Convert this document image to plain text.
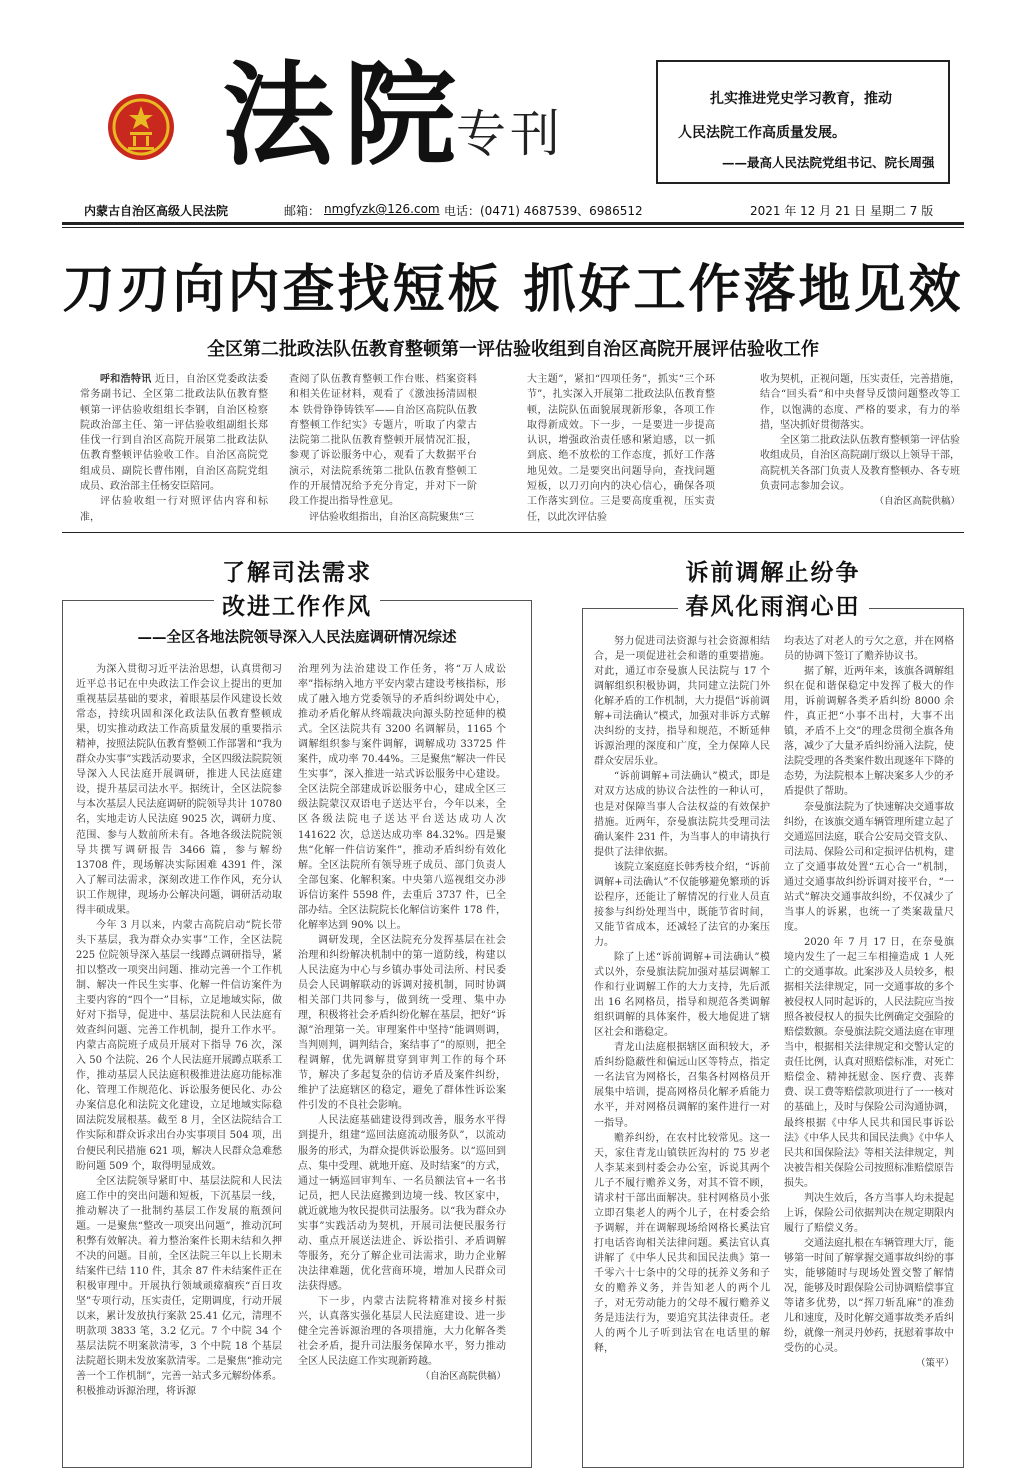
法院
专刊
扎实推进党史学习教育，推动
人民法院工作高质量发展。
——最高人民法院党组书记、院长周强
内蒙古自治区高级人民法院	邮箱： nmgfyzk@126.com 电话：(0471) 4687539、6986512	2021 年 12 月 21 日 星期二 7 版
刀刃向内查找短板 抓好工作落地见效
全区第二批政法队伍教育整顿第一评估验收组到自治区高院开展评估验收工作

呼和浩特讯 近日，自治区党委政法委常务副书记、全区第二批政法队伍教育整顿第一评估验收组组长李钢，自治区检察院政治部主任、第一评估验收组副组长郑佳伐一行到自治区高院开展第二批政法队伍教育整顿评估验收工作。自治区高院党组成员、副院长曹伟刚，自治区高院党组成员、政治部主任杨安臣陪同。

评估验收组一行对照评估内容和标准，

查阅了队伍教育整顿工作台账、档案资料和相关佐证材料，观看了《激浊扬清固根本 铁骨铮铮铸铁军——自治区高院队伍教育整顿工作纪实》专题片，听取了内蒙古法院第二批队伍教育整顿开展情况汇报，参观了诉讼服务中心，观看了大数据平台演示，对法院系统第二批队伍教育整顿工作的开展情况给予充分肯定，并对下一阶段工作提出指导性意见。

评估验收组指出，自治区高院聚焦“三

大主题”，紧扣“四项任务”，抓实“三个环节”，扎实深入开展第二批政法队伍教育整顿，法院队伍面貌展现新形象，各项工作取得新成效。下一步，一是要进一步提高认识，增强政治责任感和紧迫感，以一抓到底、绝不放松的工作态度，抓好工作落地见效。二是要突出问题导向，查找问题短板，以刀刃向内的决心信心，确保各项工作落实到位。三是要高度重视，压实责任，以此次评估验

收为契机，正视问题，压实责任，完善措施，结合“回头看”和中央督导反馈问题整改等工作，以饱满的态度、严格的要求，有力的举措，坚决抓好贯彻落实。

全区第二批政法队伍教育整顿第一评估验收组成员，自治区高院副厅级以上领导干部，高院机关各部门负责人及教育整顿办、各专班负责同志参加会议。

（自治区高院供稿）
了解司法需求
改进工作作风
——全区各地法院领导深入人民法庭调研情况综述

为深入贯彻习近平法治思想，认真贯彻习近平总书记在中央政法工作会议上提出的更加重视基层基础的要求，着眼基层作风建设长效常态，持续巩固和深化政法队伍教育整顿成果，切实推动政法工作高质量发展的重要指示精神，按照法院队伍教育整顿工作部署和“我为群众办实事”实践活动要求，全区四级法院院领导深入人民法庭开展调研，推进人民法庭建设，提升基层司法水平。据统计，全区法院参与本次基层人民法庭调研的院领导共计 10780 名，实地走访人民法庭 9025 次，调研力度、范围、参与人数前所未有。各地各级法院院领导共撰写调研报告 3466 篇，参与解纷 13708 件，现场解决实际困难 4391 件，深入了解司法需求，深刻改进工作作风，充分认识工作规律，现场办公解决问题，调研活动取得丰硕成果。

今年 3 月以来，内蒙古高院启动“院长带头下基层，我为群众办实事”工作，全区法院 225 位院领导深入基层一线蹲点调研指导，紧扣以整改一项突出问题、推动完善一个工作机制、解决一件民生实事、化解一件信访案件为主要内容的“四个一”目标，立足地域实际，做好对下指导，促进中、基层法院和人民法庭有效查纠问题、完善工作机制，提升工作水平。内蒙古高院班子成员开展对下指导 76 次，深入 50 个法院、26 个人民法庭开展蹲点联系工作，推动基层人民法庭积极推进法庭功能标准化、管理工作规范化、诉讼服务便民化、办公办案信息化和法院文化建设，立足地域实际稳固法院发展根基。截至 8 月，全区法院结合工作实际和群众诉求出台办实事项目 504 项，出台便民利民措施 621 项，解决人民群众急难愁盼问题 509 个，取得明显成效。

全区法院领导紧盯中、基层法院和人民法庭工作中的突出问题和短板，下沉基层一线，推动解决了一批制约基层工作发展的瓶颈问题。一是聚焦“整改一项突出问题”，推动沉珂积弊有效解决。着力整治案件长期未结和久押不决的问题。目前，全区法院三年以上长期未结案件已结 110 件，其余 87 件未结案件正在积极审理中。开展执行领域顽瘴痼疾“百日攻坚”专项行动，压实责任，定期调度，行动开展以来，累计发放执行案款 25.41 亿元，清理不明款项 3833 笔，3.2 亿元。7 个中院 34 个基层法院不明案款清零，3 个中院 18 个基层法院超长期未发放案款清零。二是聚焦“推动完善一个工作机制”，完善一站式多元解纷体系。积极推动诉源治理，将诉源

治理列为法治建设工作任务，将“万人成讼率”指标纳入地方平安内蒙古建设考核指标，形成了融入地方党委领导的矛盾纠纷调处中心，推动矛盾化解从终端裁决向源头防控延伸的模式。全区法院共有 3200 名调解员，1165 个调解组织参与案件调解，调解成功 33725 件案件，成功率 70.44%。三是聚焦“解决一件民生实事”，深入推进一站式诉讼服务中心建设。全区法院全部建成诉讼服务中心，建成全区三级法院蒙汉双语电子送达平台，今年以来，全区各级法院电子送达平台送达成功人次 141622 次，总送达成功率 84.32%。四是聚焦“化解一件信访案件”，推动矛盾纠纷有效化解。全区法院所有领导班子成员、部门负责人全部包案、化解积案。中央第八巡视组交办涉诉信访案件 5598 件，去重后 3737 件，已全部办结。全区法院院长化解信访案件 178 件，化解率达到 90% 以上。

调研发现，全区法院充分发挥基层在社会治理和纠纷解决机制中的第一道防线，构建以人民法庭为中心与乡镇办事处司法所、村民委员会人民调解联动的诉调对接机制，同时协调相关部门共同参与，做到统一受理、集中办理，积极将社会矛盾纠纷化解在基层，把好“诉源”治理第一关。审理案件中坚持“能调则调，当判则判，调判结合，案结事了”的原则，把全程调解，优先调解贯穿到审判工作的每个环节，解决了多起复杂的信访矛盾及案件纠纷，维护了法庭辖区的稳定，避免了群体性诉讼案件引发的不良社会影响。

人民法庭基础建设得到改善，服务水平得到提升，组建“巡回法庭流动服务队”，以流动服务的形式，为群众提供诉讼服务。以“巡回到点、集中受理、就地开庭、及时结案”的方式，通过一辆巡回审判车、一名员额法官+一名书记员，把人民法庭搬到边境一线、牧区家中，就近就地为牧民提供司法服务。以“我为群众办实事”实践活动为契机，开展司法便民服务行动、重点开展送法进企、诉讼指引、矛盾调解等服务，充分了解企业司法需求，助力企业解决法律难题，优化营商环境，增加人民群众司法获得感。

下一步，内蒙古法院将精准对接乡村振兴，认真落实强化基层人民法庭建设、进一步健全完善诉源治理的各项措施，大力化解各类社会矛盾，提升司法服务保障水平，努力推动全区人民法庭工作实现新跨越。

（自治区高院供稿）
诉前调解止纷争
春风化雨润心田

努力促进司法资源与社会资源相结合，是一项促进社会和谐的重要措施。对此，通辽市奈曼旗人民法院与 17 个调解组织积极协调，共同建立法院门外化解矛盾的工作机制，大力提倡“诉前调解+司法确认”模式，加强对非诉方式解决纠纷的支持，指导和规范，不断延伸诉源治理的深度和广度，全力保障人民群众安居乐业。

“诉前调解+司法确认”模式，即是对双方达成的协议合法性的一种认可，也是对保障当事人合法权益的有效保护措施。近两年，奈曼旗法院共受理司法确认案件 231 件，为当事人的申请执行提供了法律依据。

该院立案庭庭长韩秀枝介绍，“诉前调解+司法确认”不仅能够避免繁琐的诉讼程序，还能让了解情况的行业人员直接参与纠纷处理当中，既能节省时间，又能节省成本，还减轻了法官的办案压力。

除了上述“诉前调解+司法确认”模式以外，奈曼旗法院加强对基层调解工作和行业调解工作的大力支持，先后派出 16 名网格员，指导和规范各类调解组织调解的具体案件，极大地促进了辖区社会和谐稳定。

青龙山法庭根据辖区面积较大，矛盾纠纷隐蔽性和偏远山区等特点，指定一名法官为网格长，召集各村网格员开展集中培训，提高网格员化解矛盾能力水平，并对网格员调解的案件进行一对一指导。

赡养纠纷，在农村比较常见。这一天，家住青龙山镇铁匠沟村的 75 岁老人李某来到村委会办公室，诉说其两个儿子不履行赡养义务，对其不管不顾，请求村干部出面解决。驻村网格员小张立即召集老人的两个儿子，在村委会给予调解，并在调解现场给网格长奚法官打电话咨询相关法律问题。奚法官认真讲解了《中华人民共和国民法典》第一千零六十七条中的父母的抚养义务和子女的赡养义务，并告知老人的两个儿子，对无劳动能力的父母不履行赡养义务是违法行为，要追究其法律责任。老人的两个儿子听到法官在电话里的解释，

均表达了对老人的亏欠之意，并在网格员的协调下签订了赡养协议书。

据了解，近两年来，该旗各调解组织在促和谐保稳定中发挥了极大的作用，诉前调解各类矛盾纠纷 8000 余件，真正把“小事不出村，大事不出镇，矛盾不上交”的理念贯彻全旗各角落，减少了大量矛盾纠纷涌入法院，使法院受理的各类案件数出现逐年下降的态势，为法院根本上解决案多人少的矛盾提供了帮助。

奈曼旗法院为了快速解决交通事故纠纷，在该旗交通车辆管理所建立起了交通巡回法庭，联合公安局交管支队、司法局、保险公司和定损评估机构，建立了交通事故处置“五心合一”机制，通过交通事故纠纷诉调对接平台，“一站式”解决交通事故纠纷，不仅减少了当事人的诉累，也统一了类案裁量尺度。

2020 年 7 月 17 日，在奈曼旗境内发生了一起三车相撞造成 1 人死亡的交通事故。此案涉及人员较多，根据相关法律规定，同一交通事故的多个被侵权人同时起诉的，人民法院应当按照各被侵权人的损失比例确定交强险的赔偿数额。奈曼旗法院交通法庭在审理当中，根据相关法律规定和交警认定的责任比例，认真对照赔偿标准，对死亡赔偿金、精神抚慰金、医疗费、丧葬费、误工费等赔偿款项进行了一一核对的基础上，及时与保险公司沟通协调，最终根据《中华人民共和国民事诉讼法》《中华人民共和国民法典》《中华人民共和国保险法》等相关法律规定，判决被告相关保险公司按照标准赔偿原告损失。

判决生效后，各方当事人均未提起上诉，保险公司依据判决在规定期限内履行了赔偿义务。

交通法庭扎根在车辆管理大厅，能够第一时间了解掌握交通事故纠纷的事实，能够随时与现场处置交警了解情况，能够及时跟保险公司协调赔偿事宜等诸多优势，以“挥刀斩乱麻”的准劲儿和速度，及时化解交通事故类矛盾纠纷，就像一剂灵丹妙药，抚慰着事故中受伤的心灵。

（策平）
